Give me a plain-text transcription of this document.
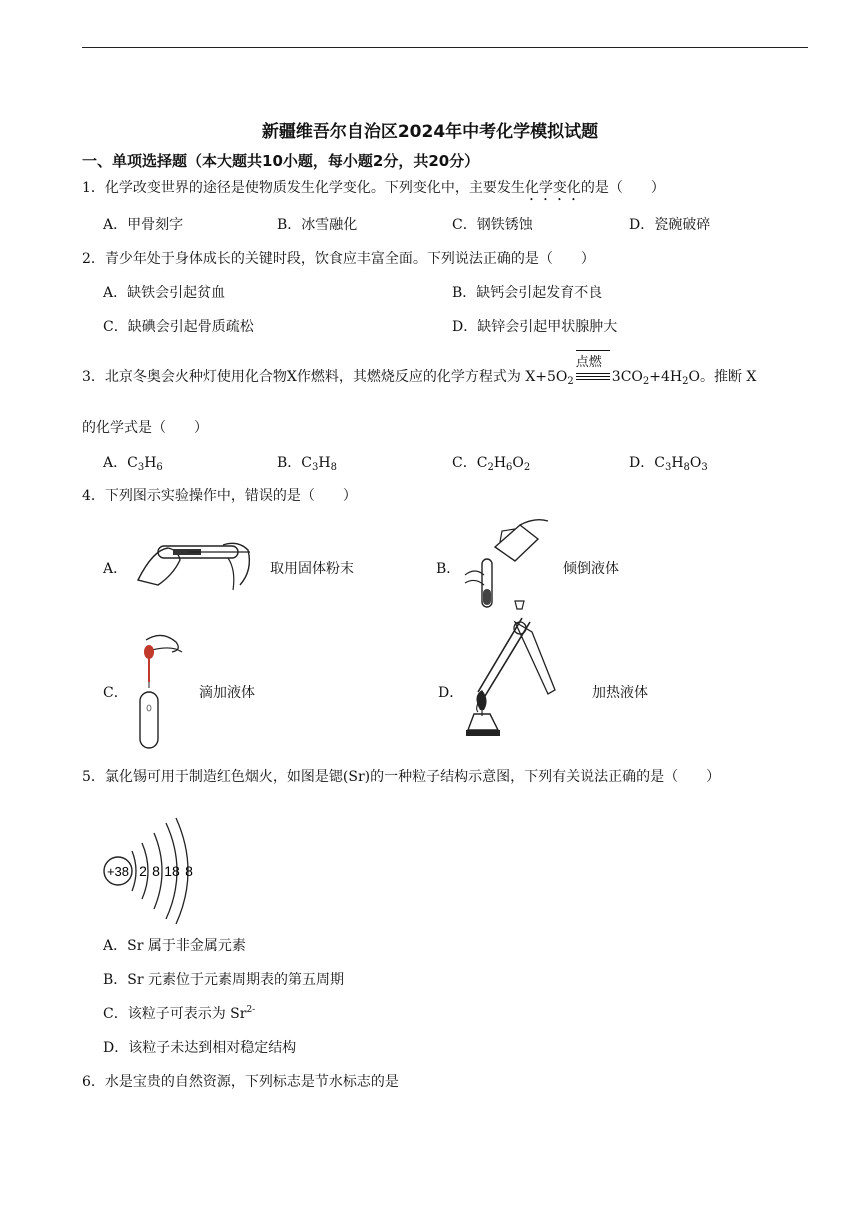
新疆维吾尔自治区2024年中考化学模拟试题
一、单项选择题（本大题共10小题，每小题2分，共20分）
1．化学改变世界的途径是使物质发生化学变化。下列变化中，主要发生化学变化的是（　　）
A．甲骨刻字	B．冰雪融化	C．钢铁锈蚀	D．瓷碗破碎
2．青少年处于身体成长的关键时段，饮食应丰富全面。下列说法正确的是（　　）
A．缺铁会引起贫血	B．缺钙会引起发育不良
C．缺碘会引起骨质疏松	D．缺锌会引起甲状腺肿大
3．北京冬奥会火种灯使用化合物X作燃料，其燃烧反应的化学方程式为 $X+5O_2$
点燃
$3CO_2+4H_2O$。推断 X
的化学式是（　　）
A．$C_3H_6$	B．$C_3H_8$	C．$C_2H_6O_2$	D．$C_3H_8O_3$
4．下列图示实验操作中，错误的是（　　）
A．	取用固体粉末	B．	倾倒液体
C．	滴加液体	D．	加热液体
5．氯化锡可用于制造红色烟火，如图是锶(Sr)的一种粒子结构示意图，下列有关说法正确的是（　　）
+38 2 8 18 8
A．Sr 属于非金属元素
B．Sr 元素位于元素周期表的第五周期
C．该粒子可表示为 $Sr^{2-}$
D．该粒子未达到相对稳定结构
6．水是宝贵的自然资源，下列标志是节水标志的是
